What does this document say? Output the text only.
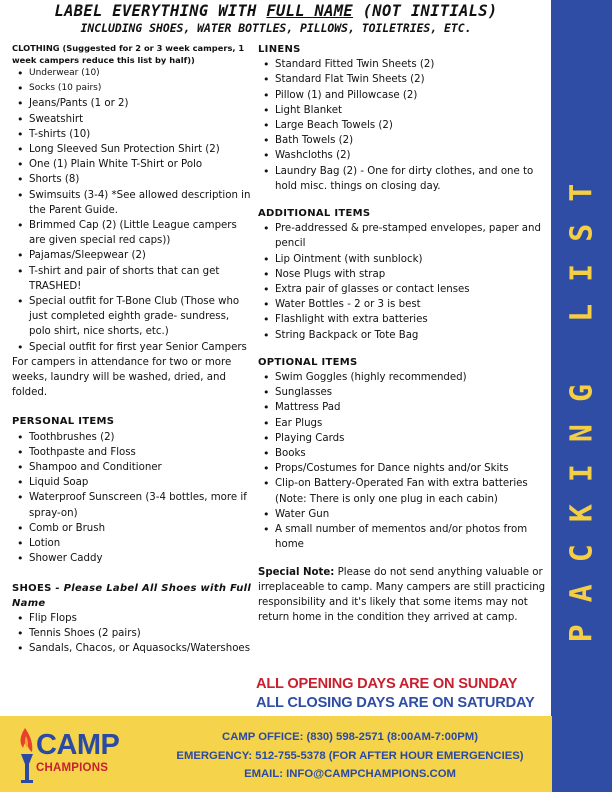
LABEL EVERYTHING WITH FULL NAME (NOT INITIALS)
INCLUDING SHOES, WATER BOTTLES, PILLOWS, TOILETRIES, ETC.
PACKING LIST
CLOTHING (Suggested for 2 or 3 week campers, 1 week campers reduce this list by half))
• Underwear (10)
• Socks (10 pairs)
• Jeans/Pants (1 or 2)
• Sweatshirt
• T-shirts (10)
• Long Sleeved Sun Protection Shirt (2)
• One (1) Plain White T-Shirt or Polo
• Shorts (8)
• Swimsuits (3-4) *See allowed description in the Parent Guide.
• Brimmed Cap (2) (Little League campers are given special red caps))
• Pajamas/Sleepwear (2)
• T-shirt and pair of shorts that can get TRASHED!
• Special outfit for T-Bone Club (Those who just completed eighth grade- sundress, polo shirt, nice shorts, etc.)
• Special outfit for first year Senior Campers

For campers in attendance for two or more weeks, laundry will be washed, dried, and folded.

PERSONAL ITEMS
• Toothbrushes (2)
• Toothpaste and Floss
• Shampoo and Conditioner
• Liquid Soap
• Waterproof Sunscreen (3-4 bottles, more if spray-on)
• Comb or Brush
• Lotion
• Shower Caddy
SHOES - Please Label All Shoes with Full Name
• Flip Flops
• Tennis Shoes (2 pairs)
• Sandals, Chacos, or Aquasocks/Watershoes
LINENS
• Standard Fitted Twin Sheets (2)
• Standard Flat Twin Sheets (2)
• Pillow (1) and Pillowcase (2)
• Light Blanket
• Large Beach Towels (2)
• Bath Towels (2)
• Washcloths (2)
• Laundry Bag (2) - One for dirty clothes, and one to hold misc. things on closing day.
ADDITIONAL ITEMS
• Pre-addressed & pre-stamped envelopes, paper and pencil
• Lip Ointment (with sunblock)
• Nose Plugs with strap
• Extra pair of glasses or contact lenses
• Water Bottles - 2 or 3 is best
• Flashlight with extra batteries
• String Backpack or Tote Bag
OPTIONAL ITEMS
• Swim Goggles (highly recommended)
• Sunglasses
• Mattress Pad
• Ear Plugs
• Playing Cards
• Books
• Props/Costumes for Dance nights and/or Skits
• Clip-on Battery-Operated Fan with extra batteries (Note: There is only one plug in each cabin)
• Water Gun
• A small number of mementos and/or photos from home

Special Note: Please do not send anything valuable or irreplaceable to camp. Many campers are still practicing responsibility and it's likely that some items may not return home in the condition they arrived at camp.

ALL OPENING DAYS ARE ON SUNDAY
ALL CLOSING DAYS ARE ON SATURDAY
CAMP
CHAMPIONS
CAMP OFFICE: (830) 598-2571 (8:00AM-7:00PM)
EMERGENCY: 512-755-5378 (FOR AFTER HOUR EMERGENCIES)
EMAIL: INFO@CAMPCHAMPIONS.COM
